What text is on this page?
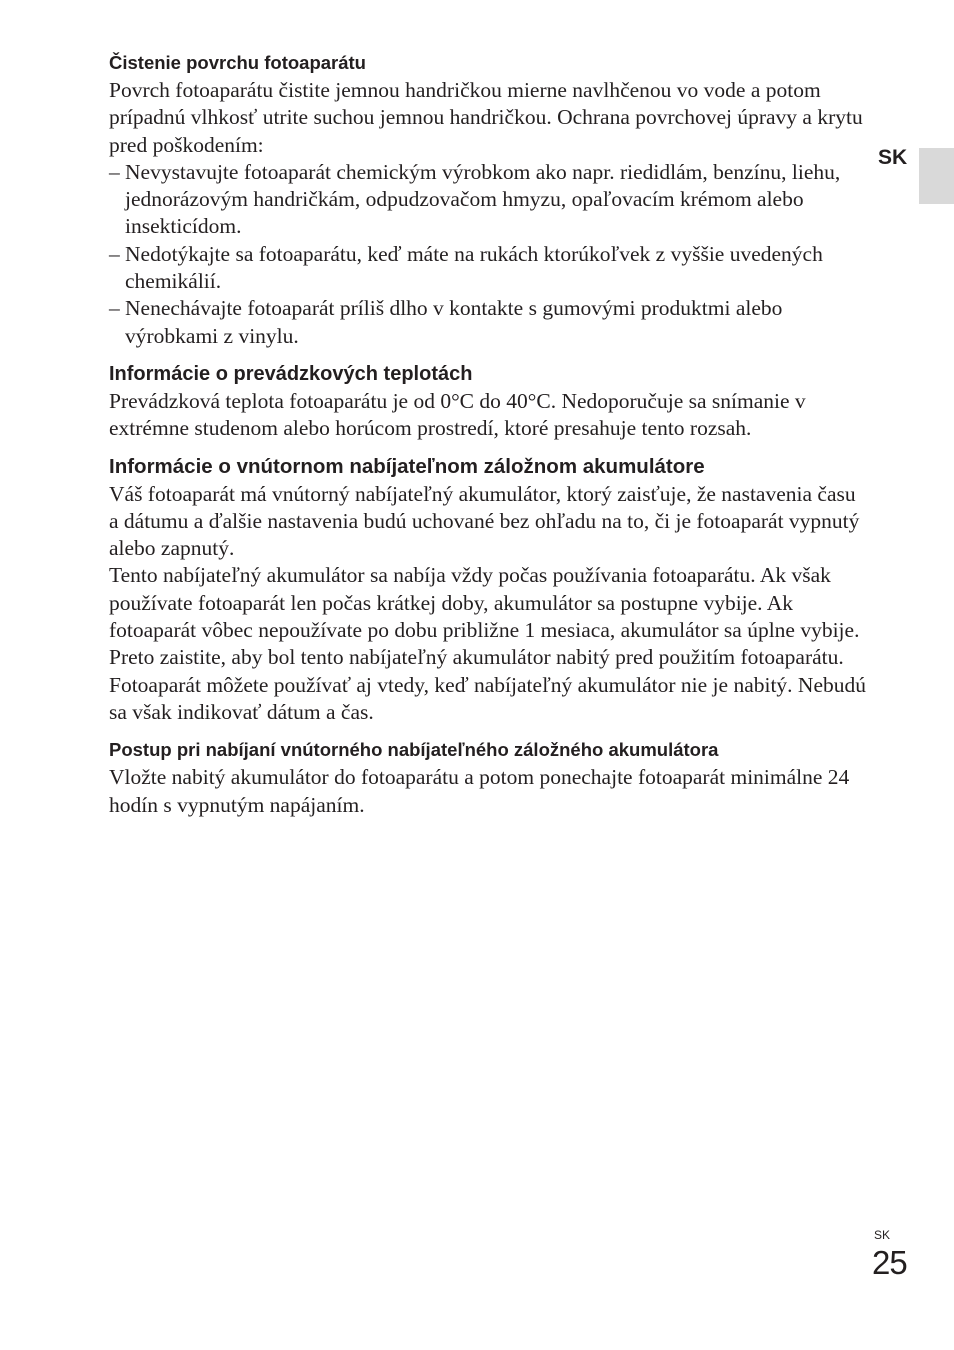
SK
Čistenie povrchu fotoaparátu

Povrch fotoaparátu čistite jemnou handričkou mierne navlhčenou vo vode a potom prípadnú vlhkosť utrite suchou jemnou handričkou. Ochrana povrchovej úpravy a krytu pred poškodením:

– Nevystavujte fotoaparát chemickým výrobkom ako napr. riedidlám, benzínu, liehu, jednorázovým handričkám, odpudzovačom hmyzu, opaľovacím krémom alebo insekticídom.
– Nedotýkajte sa fotoaparátu, keď máte na rukách ktorúkoľvek z vyššie uvedených chemikálií.
– Nenechávajte fotoaparát príliš dlho v kontakte s gumovými produktmi alebo výrobkami z vinylu.
Informácie o prevádzkových teplotách

Prevádzková teplota fotoaparátu je od 0°C do 40°C. Nedoporučuje sa snímanie v extrémne studenom alebo horúcom prostredí, ktoré presahuje tento rozsah.

Informácie o vnútornom nabíjateľnom záložnom akumulátore

Váš fotoaparát má vnútorný nabíjateľný akumulátor, ktorý zaisťuje, že nastavenia času a dátumu a ďalšie nastavenia budú uchované bez ohľadu na to, či je fotoaparát vypnutý alebo zapnutý.

Tento nabíjateľný akumulátor sa nabíja vždy počas používania fotoaparátu. Ak však používate fotoaparát len počas krátkej doby, akumulátor sa postupne vybije. Ak fotoaparát vôbec nepoužívate po dobu približne 1 mesiaca, akumulátor sa úplne vybije. Preto zaistite, aby bol tento nabíjateľný akumulátor nabitý pred použitím fotoaparátu.

Fotoaparát môžete používať aj vtedy, keď nabíjateľný akumulátor nie je nabitý. Nebudú sa však indikovať dátum a čas.

Postup pri nabíjaní vnútorného nabíjateľného záložného akumulátora

Vložte nabitý akumulátor do fotoaparátu a potom ponechajte fotoaparát minimálne 24 hodín s vypnutým napájaním.

SK
25
